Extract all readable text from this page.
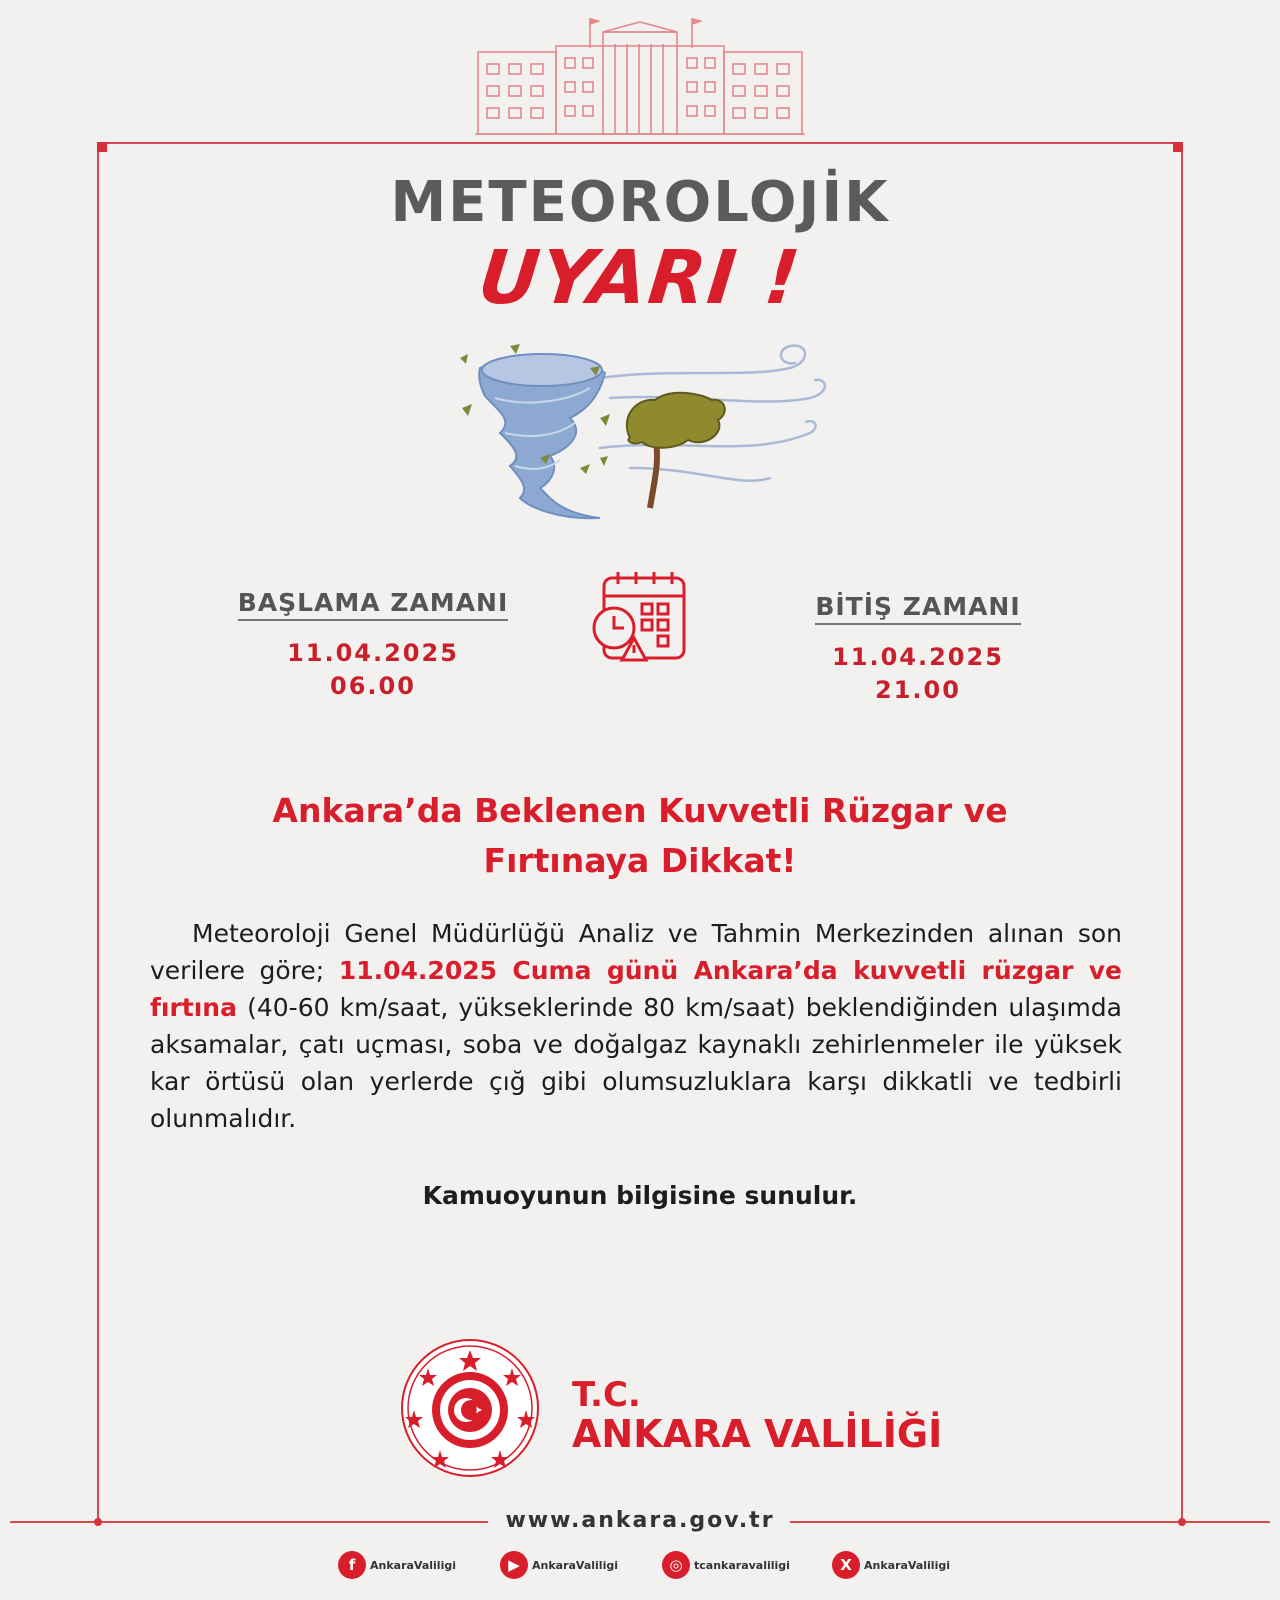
METEOROLOJİK
UYARI !
BAŞLAMA ZAMANI
11.04.2025
06.00
BİTİŞ ZAMANI
11.04.2025
21.00
Ankara’da Beklenen Kuvvetli Rüzgar ve
Fırtınaya Dikkat!
Meteoroloji Genel Müdürlüğü Analiz ve Tahmin Merkezinden alınan son verilere göre; 11.04.2025 Cuma günü Ankara’da kuvvetli rüzgar ve fırtına (40-60 km/saat, yükseklerinde 80 km/saat) beklendiğinden ulaşımda aksamalar, çatı uçması, soba ve doğalgaz kaynaklı zehirlenmeler ile yüksek kar örtüsü olan yerlerde çığ gibi olumsuzluklara karşı dikkatli ve tedbirli olunmalıdır.
Kamuoyunun bilgisine sunulur.
T.C.
ANKARA VALİLİĞİ
www.ankara.gov.tr
f	AnkaraValiligi	▶	AnkaraValiligi	◎	tcankaravaliligi	X	AnkaraValiligi
